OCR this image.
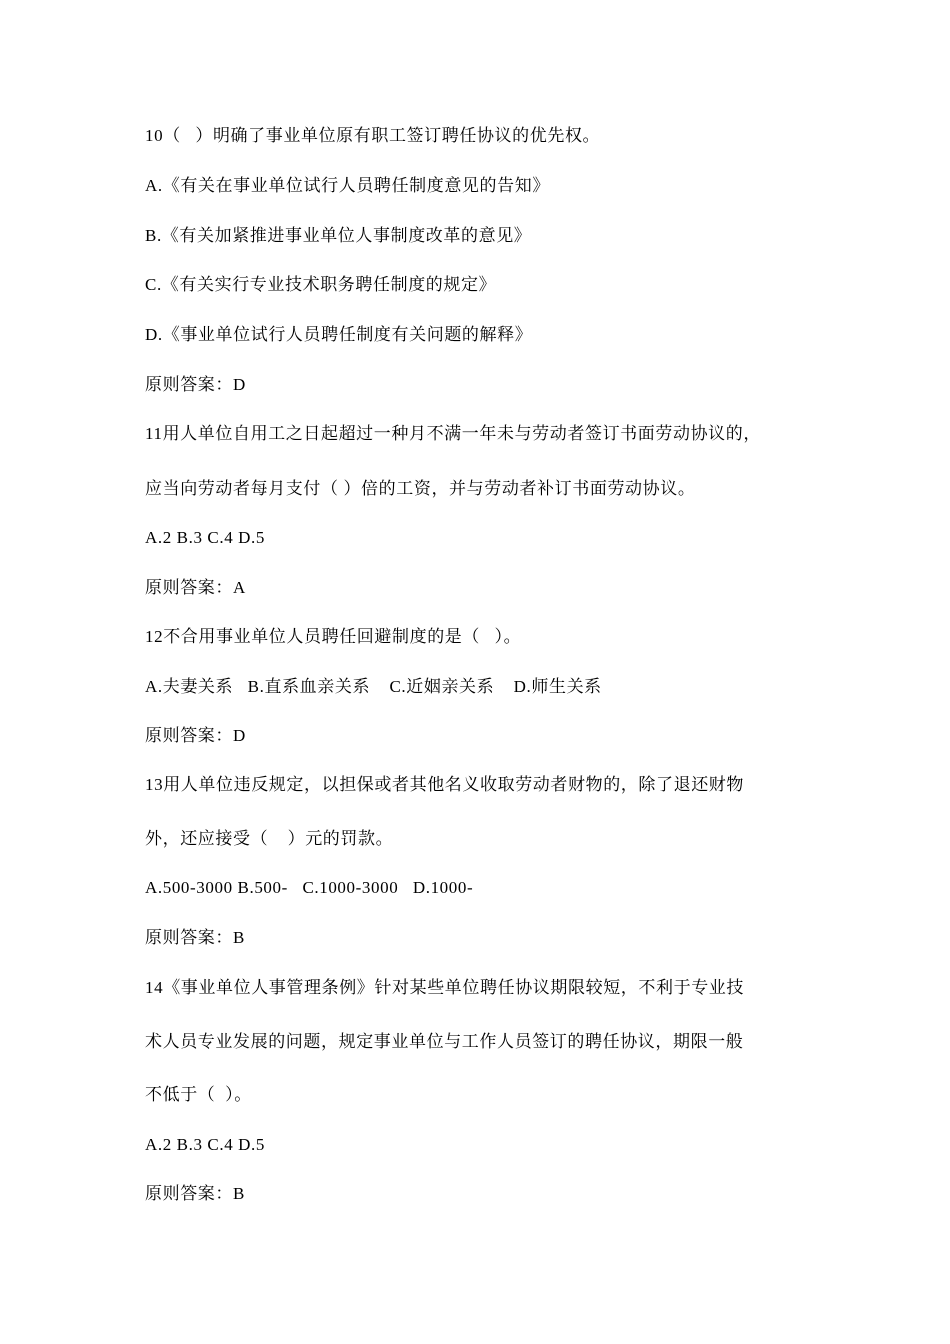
10（   ）明确了事业单位原有职工签订聘任协议的优先权。
A.《有关在事业单位试行人员聘任制度意见的告知》
B.《有关加紧推进事业单位人事制度改革的意见》
C.《有关实行专业技术职务聘任制度的规定》
D.《事业单位试行人员聘任制度有关问题的解释》
原则答案：D
11用人单位自用工之日起超过一种月不满一年未与劳动者签订书面劳动协议的，
应当向劳动者每月支付（ ）倍的工资，并与劳动者补订书面劳动协议。
A.2 B.3 C.4 D.5
原则答案：A
12不合用事业单位人员聘任回避制度的是（   ）。
A.夫妻关系   B.直系血亲关系    C.近姻亲关系    D.师生关系
原则答案：D
13用人单位违反规定，以担保或者其他名义收取劳动者财物的，除了退还财物
外，还应接受（    ）元的罚款。
A.500-3000 B.500-   C.1000-3000   D.1000-
原则答案：B
14《事业单位人事管理条例》针对某些单位聘任协议期限较短，不利于专业技
术人员专业发展的问题，规定事业单位与工作人员签订的聘任协议，期限一般
不低于（  ）。
A.2 B.3 C.4 D.5
原则答案：B
